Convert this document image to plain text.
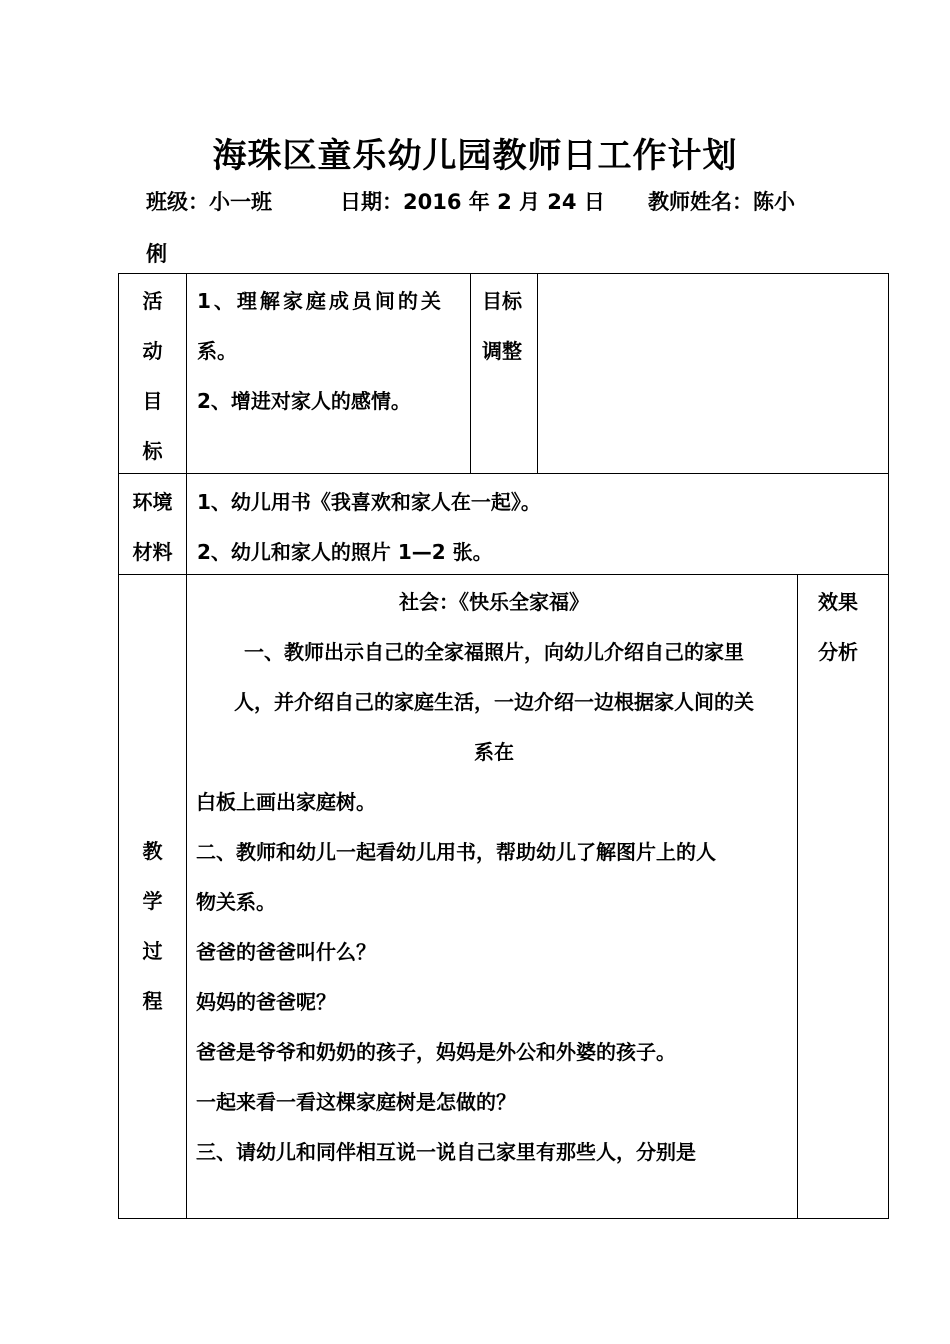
海珠区童乐幼儿园教师日工作计划
班级：小一班	日期：2016 年 2 月 24 日 教师姓名：陈小
俐
活
动
目
标
1、理解家庭成员间的关
系。
2、增进对家人的感情。
目标
调整
环境
材料
1、幼儿用书《我喜欢和家人在一起》。
2、幼儿和家人的照片 1—2 张。
教
学
过
程
社会：《快乐全家福》
一、教师出示自己的全家福照片，向幼儿介绍自己的家里
人，并介绍自己的家庭生活，一边介绍一边根据家人间的关
系在
白板上画出家庭树。
二、教师和幼儿一起看幼儿用书，帮助幼儿了解图片上的人
物关系。
爸爸的爸爸叫什么？
妈妈的爸爸呢？
爸爸是爷爷和奶奶的孩子，妈妈是外公和外婆的孩子。
一起来看一看这棵家庭树是怎做的？
三、请幼儿和同伴相互说一说自己家里有那些人，分别是
效果
分析
